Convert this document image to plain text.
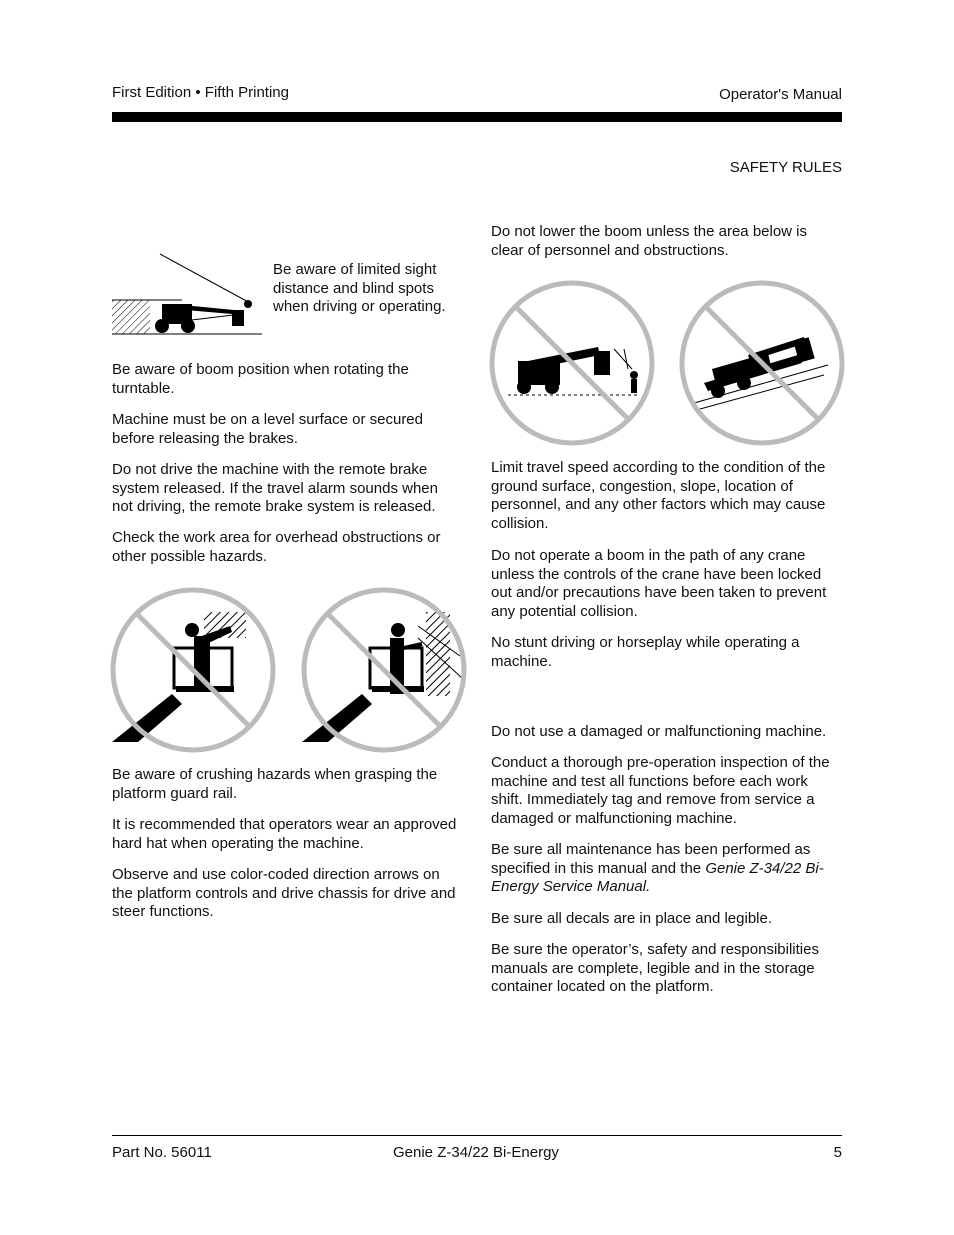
First Edition • Fifth Printing	Operator's Manual
SAFETY RULES

Be aware of limited sight distance and blind spots when driving or operating.

Be aware of boom position when rotating the turntable.

Machine must be on a level surface or secured before releasing the brakes.

Do not drive the machine with the remote brake system released. If the travel alarm sounds when not driving, the remote brake system is released.

Check the work area for overhead obstructions or other possible hazards.

Be aware of crushing hazards when grasping the platform guard rail.

It is recommended that operators wear an approved hard hat when operating the machine.

Observe and use color-coded direction arrows on the platform controls and drive chassis for drive and steer functions.

Do not lower the boom unless the area below is clear of personnel and obstructions.

Limit travel speed according to the condition of the ground surface, congestion, slope, location of personnel, and any other factors which may cause collision.

Do not operate a boom in the path of any crane unless the controls of the crane have been locked out and/or precautions have been taken to prevent any potential collision.

No stunt driving or horseplay while operating a machine.

Do not use a damaged or malfunctioning machine.

Conduct a thorough pre-operation inspection of the machine and test all functions before each work shift. Immediately tag and remove from service a damaged or malfunctioning machine.

Be sure all maintenance has been performed as specified in this manual and the Genie Z-34/22 Bi-Energy Service Manual.

Be sure all decals are in place and legible.

Be sure the operator’s, safety and responsibilities manuals are complete, legible and in the storage container located on the platform.

Part No. 56011	Genie Z-34/22 Bi-Energy	5
